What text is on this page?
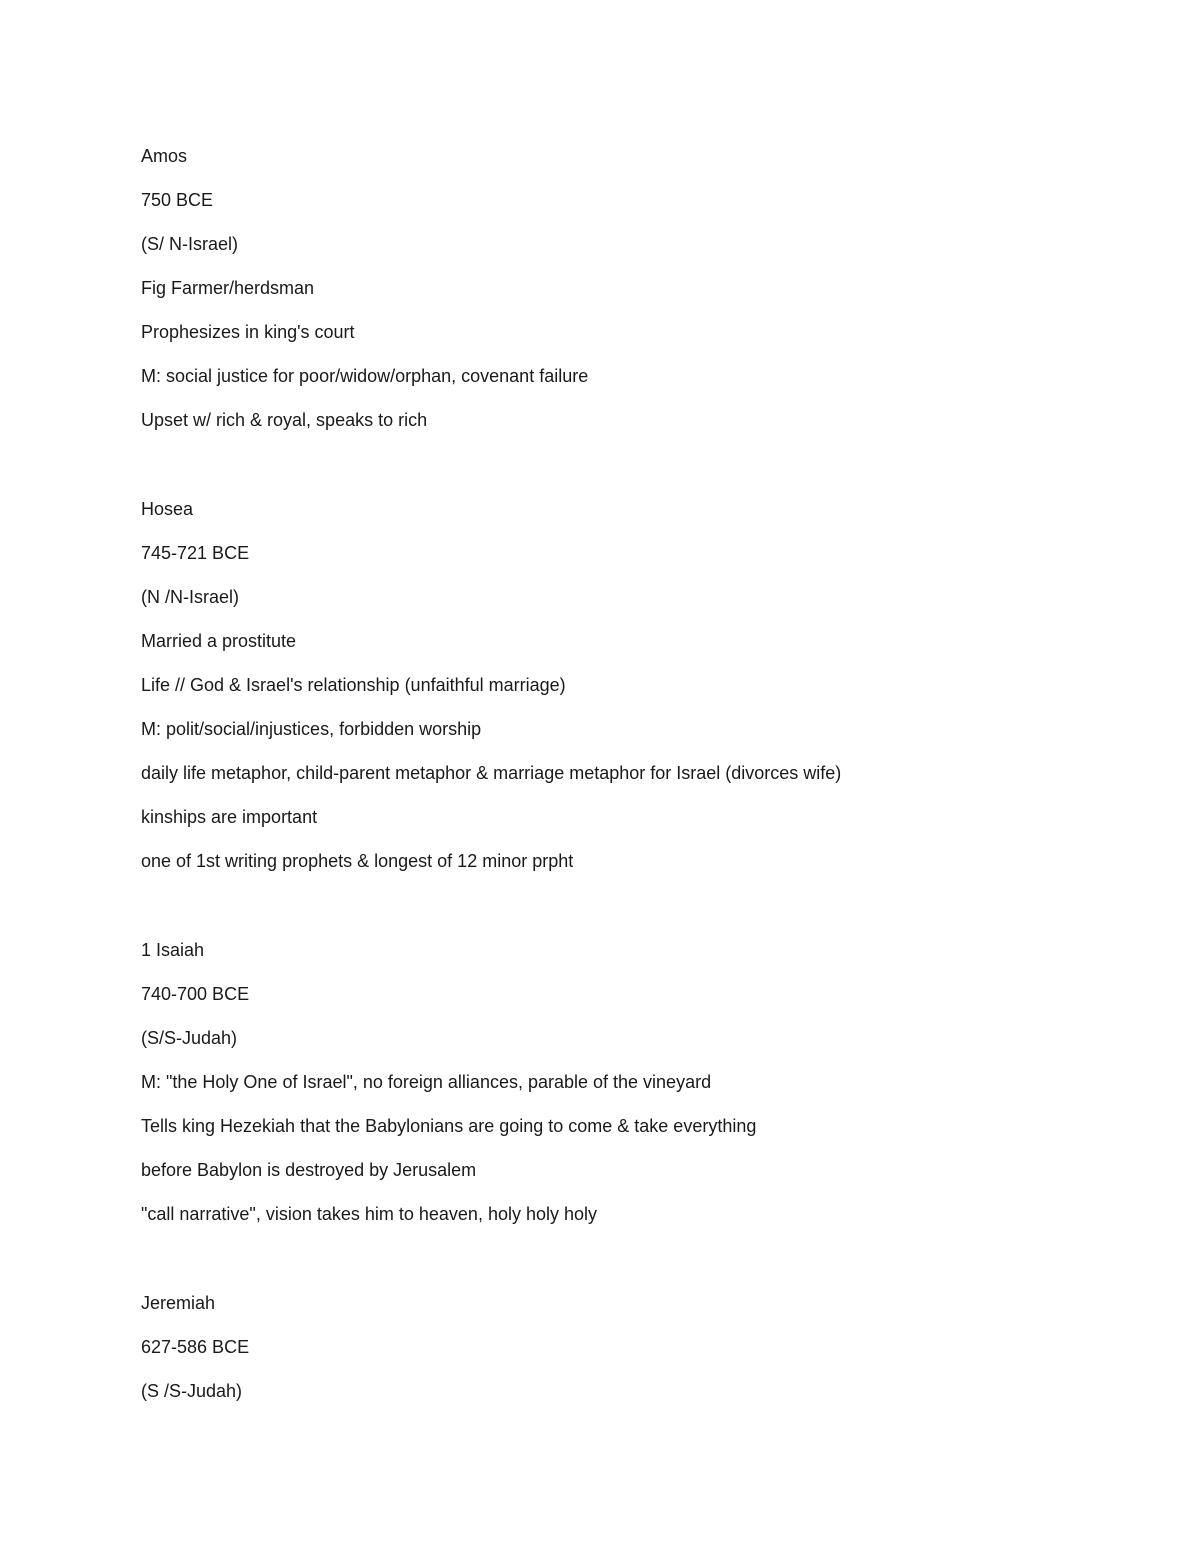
Amos
750 BCE
(S/ N-Israel)
Fig Farmer/herdsman
Prophesizes in king's court
M: social justice for poor/widow/orphan, covenant failure
Upset w/ rich & royal, speaks to rich
Hosea
745-721 BCE
(N /N-Israel)
Married a prostitute
Life // God & Israel's relationship (unfaithful marriage)
M: polit/social/injustices, forbidden worship
daily life metaphor, child-parent metaphor & marriage metaphor for Israel (divorces wife)
kinships are important
one of 1st writing prophets & longest of 12 minor prpht
1 Isaiah
740-700 BCE
(S/S-Judah)
M: "the Holy One of Israel", no foreign alliances, parable of the vineyard
Tells king Hezekiah that the Babylonians are going to come & take everything
before Babylon is destroyed by Jerusalem
"call narrative", vision takes him to heaven, holy holy holy
Jeremiah
627-586 BCE
(S /S-Judah)
